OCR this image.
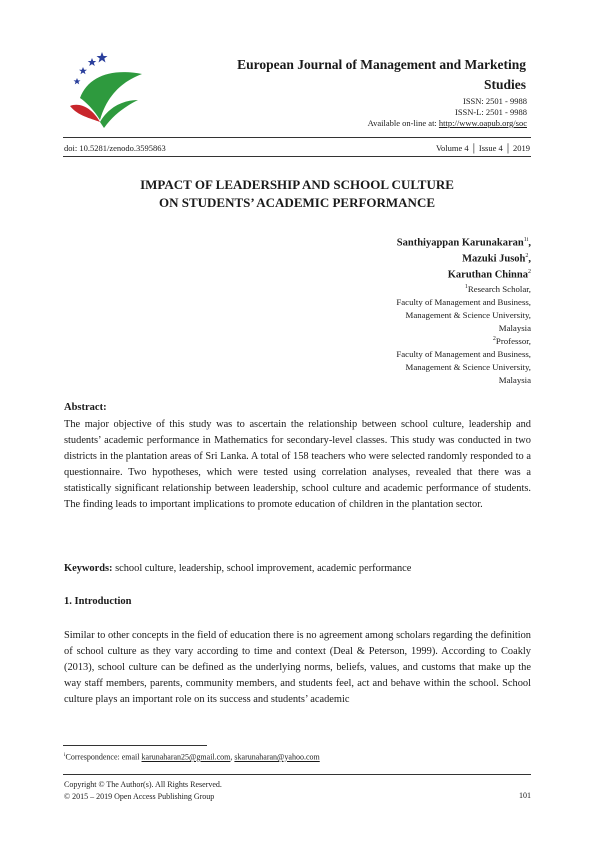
European Journal of Management and Marketing
Studies
ISSN: 2501 - 9988
ISSN-L: 2501 - 9988
Available on-line at: http://www.oapub.org/soc
doi: 10.5281/zenodo.3595863	Volume 4 │ Issue 4 │ 2019
IMPACT OF LEADERSHIP AND SCHOOL CULTURE
ON STUDENTS’ ACADEMIC PERFORMANCE
Santhiyappan Karunakaran$^{1i}$,
Mazuki Jusoh$^2$,
Karuthan Chinna$^2$
$^1$Research Scholar,
Faculty of Management and Business,
Management & Science University,
Malaysia
$^2$Professor,
Faculty of Management and Business,
Management & Science University,
Malaysia
Abstract:
The major objective of this study was to ascertain the relationship between school culture, leadership and students’ academic performance in Mathematics for secondary-level classes. This study was conducted in two districts in the plantation areas of Sri Lanka. A total of 158 teachers who were selected randomly responded to a questionnaire. Two hypotheses, which were tested using correlation analyses, revealed that there was a statistically significant relationship between leadership, school culture and academic performance of students. The finding leads to important implications to promote education of children in the plantation sector.
Keywords: school culture, leadership, school improvement, academic performance
1. Introduction
Similar to other concepts in the field of education there is no agreement among scholars regarding the definition of school culture as they vary according to time and context (Deal & Peterson, 1999). According to Coakly (2013), school culture can be defined as the underlying norms, beliefs, values, and customs that make up the way staff members, parents, community members, and students feel, act and behave within the school. School culture plays an important role on its success and students’ academic
$^i$Correspondence: email karunaharan25@gmail.com, skarunaharan@yahoo.com
Copyright © The Author(s). All Rights Reserved.
© 2015 – 2019 Open Access Publishing Group	101
